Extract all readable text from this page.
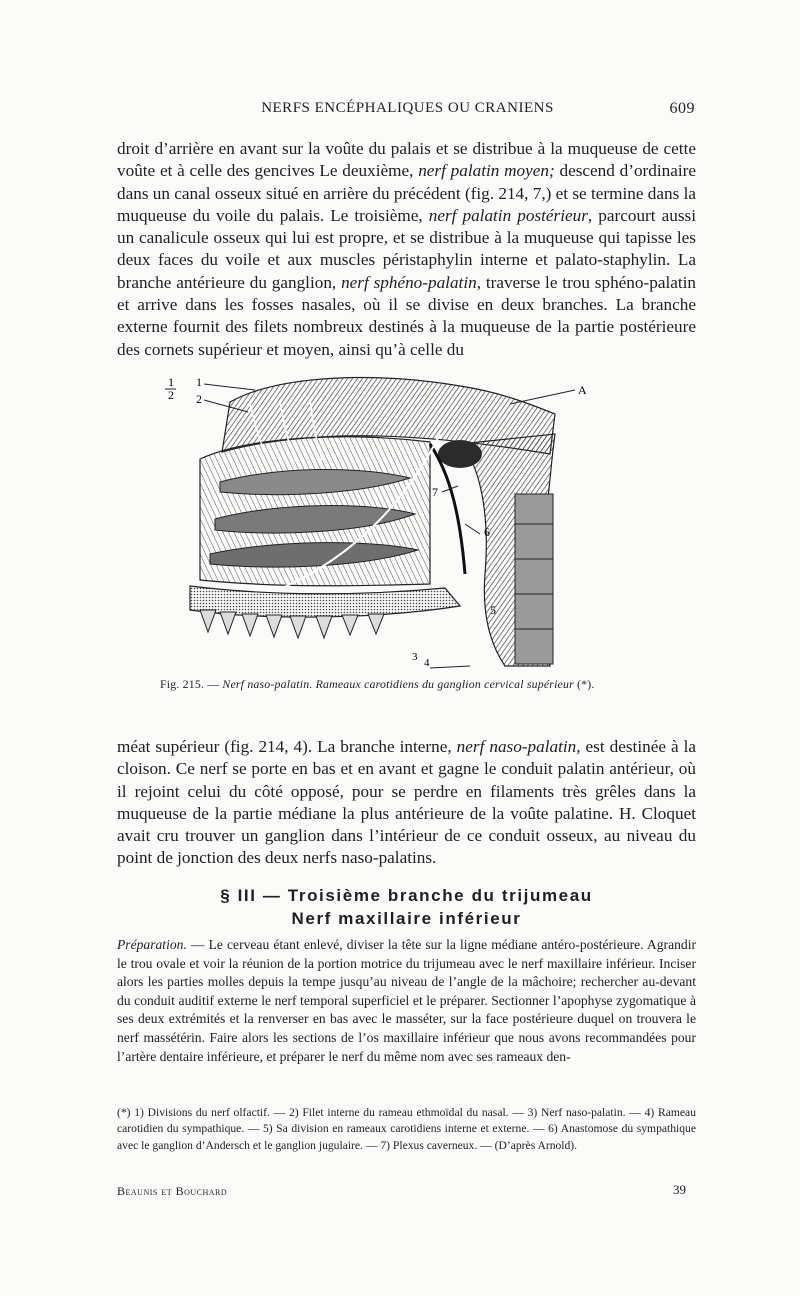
NERFS ENCÉPHALIQUES OU CRANIENS	609

droit d’arrière en avant sur la voûte du palais et se distribue à la muqueuse de cette voûte et à celle des gencives Le deuxième, nerf palatin moyen; descend d’ordinaire dans un canal osseux situé en arrière du précédent (fig. 214, 7,) et se termine dans la muqueuse du voile du palais. Le troisième, nerf palatin postérieur, parcourt aussi un canalicule osseux qui lui est propre, et se distribue à la muqueuse qui tapisse les deux faces du voile et aux muscles péristaphylin interne et palato-staphylin. La branche antérieure du ganglion, nerf sphéno-palatin, traverse le trou sphéno-palatin et arrive dans les fosses nasales, où il se divise en deux branches. La branche externe fournit des filets nombreux destinés à la muqueuse de la partie postérieure des cornets supérieur et moyen, ainsi qu’à celle du

1
2
1
2
A
7
6
5
3 4
Fig. 215. — Nerf naso-palatin. Rameaux carotidiens du ganglion cervical supérieur (*).

méat supérieur (fig. 214, 4). La branche interne, nerf naso-palatin, est destinée à la cloison. Ce nerf se porte en bas et en avant et gagne le conduit palatin antérieur, où il rejoint celui du côté opposé, pour se perdre en filaments très grêles dans la muqueuse de la partie médiane la plus antérieure de la voûte palatine. H. Cloquet avait cru trouver un ganglion dans l’intérieur de ce conduit osseux, au niveau du point de jonction des deux nerfs naso-palatins.

§ III — Troisième branche du trijumeau
Nerf maxillaire inférieur

Préparation. — Le cerveau étant enlevé, diviser la tête sur la ligne médiane antéro-postérieure. Agrandir le trou ovale et voir la réunion de la portion motrice du trijumeau avec le nerf maxillaire inférieur. Inciser alors les parties molles depuis la tempe jusqu’au niveau de l’angle de la mâchoire; rechercher au-devant du conduit auditif externe le nerf temporal superficiel et le préparer. Sectionner l’apophyse zygomatique à ses deux extrémités et la renverser en bas avec le masséter, sur la face postérieure duquel on trouvera le nerf massétérin. Faire alors les sections de l’os maxillaire inférieur que nous avons recommandées pour l’artère dentaire inférieure, et préparer le nerf du même nom avec ses rameaux den-

(*) 1) Divisions du nerf olfactif. — 2) Filet interne du rameau ethmoïdal du nasal. — 3) Nerf naso-palatin. — 4) Rameau carotidien du sympathique. — 5) Sa division en rameaux carotidiens interne et externe. — 6) Anastomose du sympathique avec le ganglion d’Andersch et le ganglion jugulaire. — 7) Plexus caverneux. — (D’après Arnold).

Beaunis et Bouchard	39
